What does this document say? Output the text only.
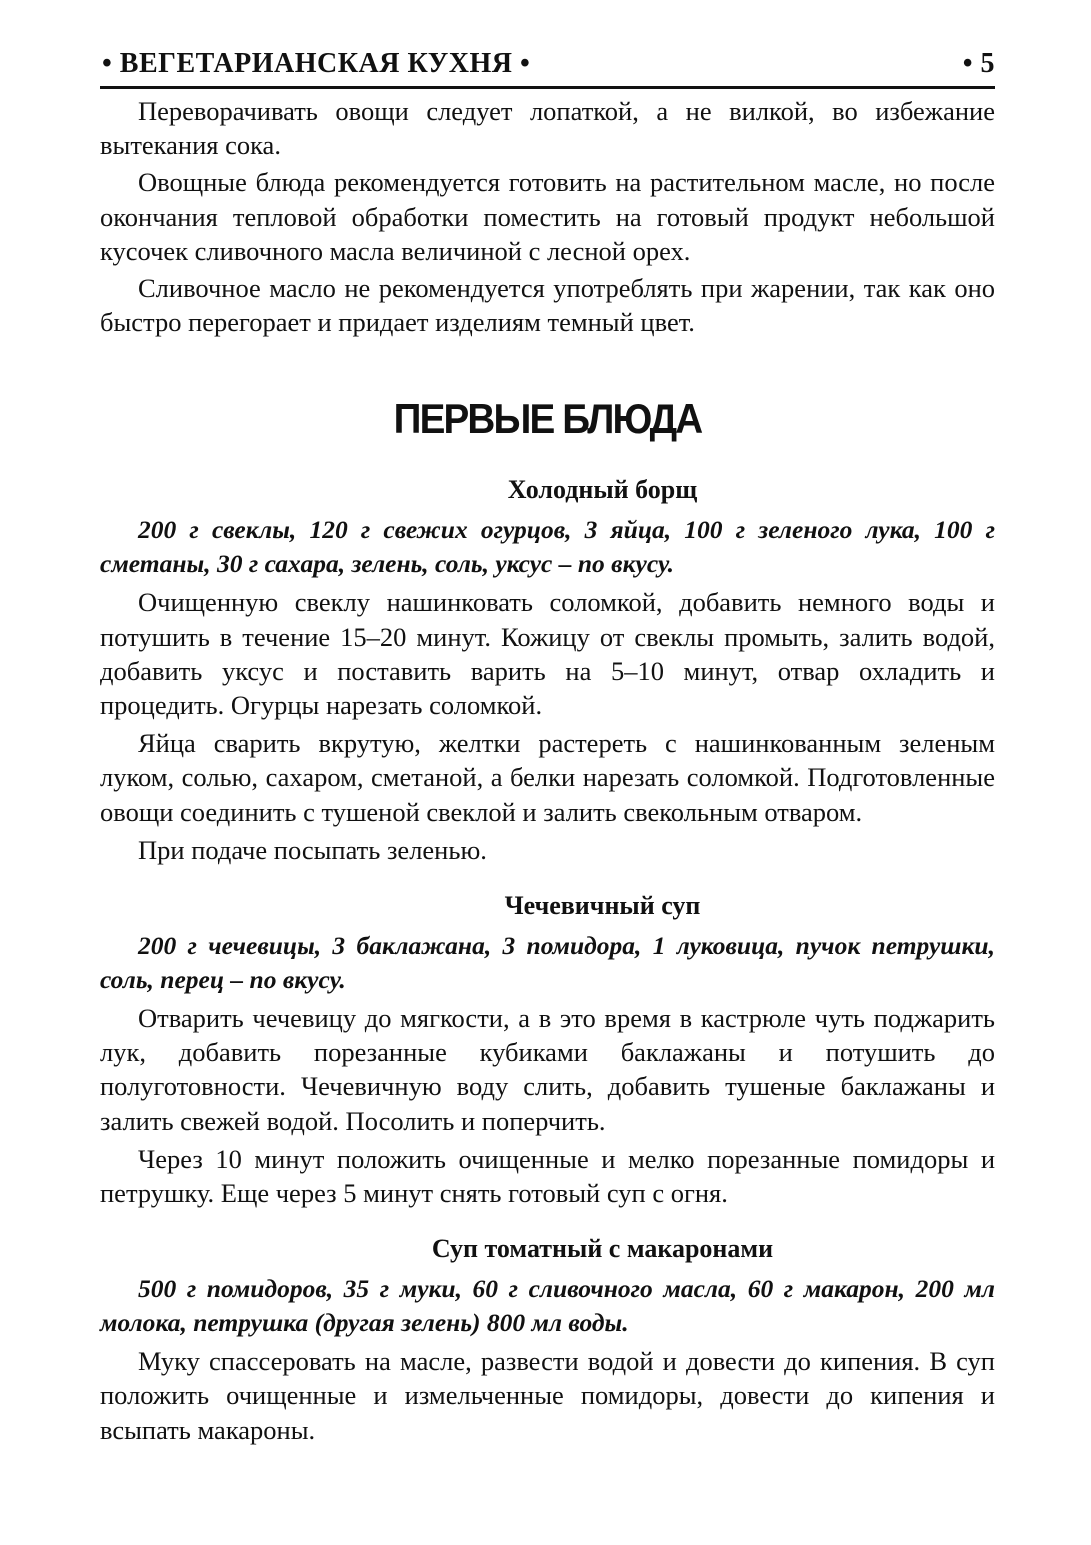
• ВЕГЕТАРИАНСКАЯ КУХНЯ •	• 5

Переворачивать овощи следует лопаткой, а не вилкой, во избежание вытекания сока.

Овощные блюда рекомендуется готовить на растительном масле, но после окончания тепловой обработки поместить на готовый продукт небольшой кусочек сливочного масла величиной с лесной орех.

Сливочное масло не рекомендуется употреблять при жарении, так как оно быстро перегорает и придает изделиям темный цвет.

ПЕРВЫЕ БЛЮДА
Холодный борщ

200 г свеклы, 120 г свежих огурцов, 3 яйца, 100 г зеленого лука, 100 г сметаны, 30 г сахара, зелень, соль, уксус – по вкусу.

Очищенную свеклу нашинковать соломкой, добавить немного воды и потушить в течение 15–20 минут. Кожицу от свеклы промыть, залить водой, добавить уксус и поставить варить на 5–10 минут, отвар охладить и процедить. Огурцы нарезать соломкой.

Яйца сварить вкрутую, желтки растереть с нашинкованным зеленым луком, солью, сахаром, сметаной, а белки нарезать соломкой. Подготовленные овощи соединить с тушеной свеклой и залить свекольным отваром.

При подаче посыпать зеленью.

Чечевичный суп

200 г чечевицы, 3 баклажана, 3 помидора, 1 луковица, пучок петрушки, соль, перец – по вкусу.

Отварить чечевицу до мягкости, а в это время в кастрюле чуть поджарить лук, добавить порезанные кубиками баклажаны и потушить до полуготовности. Чечевичную воду слить, добавить тушеные баклажаны и залить свежей водой. Посолить и поперчить.

Через 10 минут положить очищенные и мелко порезанные помидоры и петрушку. Еще через 5 минут снять готовый суп с огня.

Суп томатный с макаронами

500 г помидоров, 35 г муки, 60 г сливочного масла, 60 г макарон, 200 мл молока, петрушка (другая зелень) 800 мл воды.

Муку спассеровать на масле, развести водой и довести до кипения. В суп положить очищенные и измельченные помидоры, довести до кипения и всыпать макароны.
